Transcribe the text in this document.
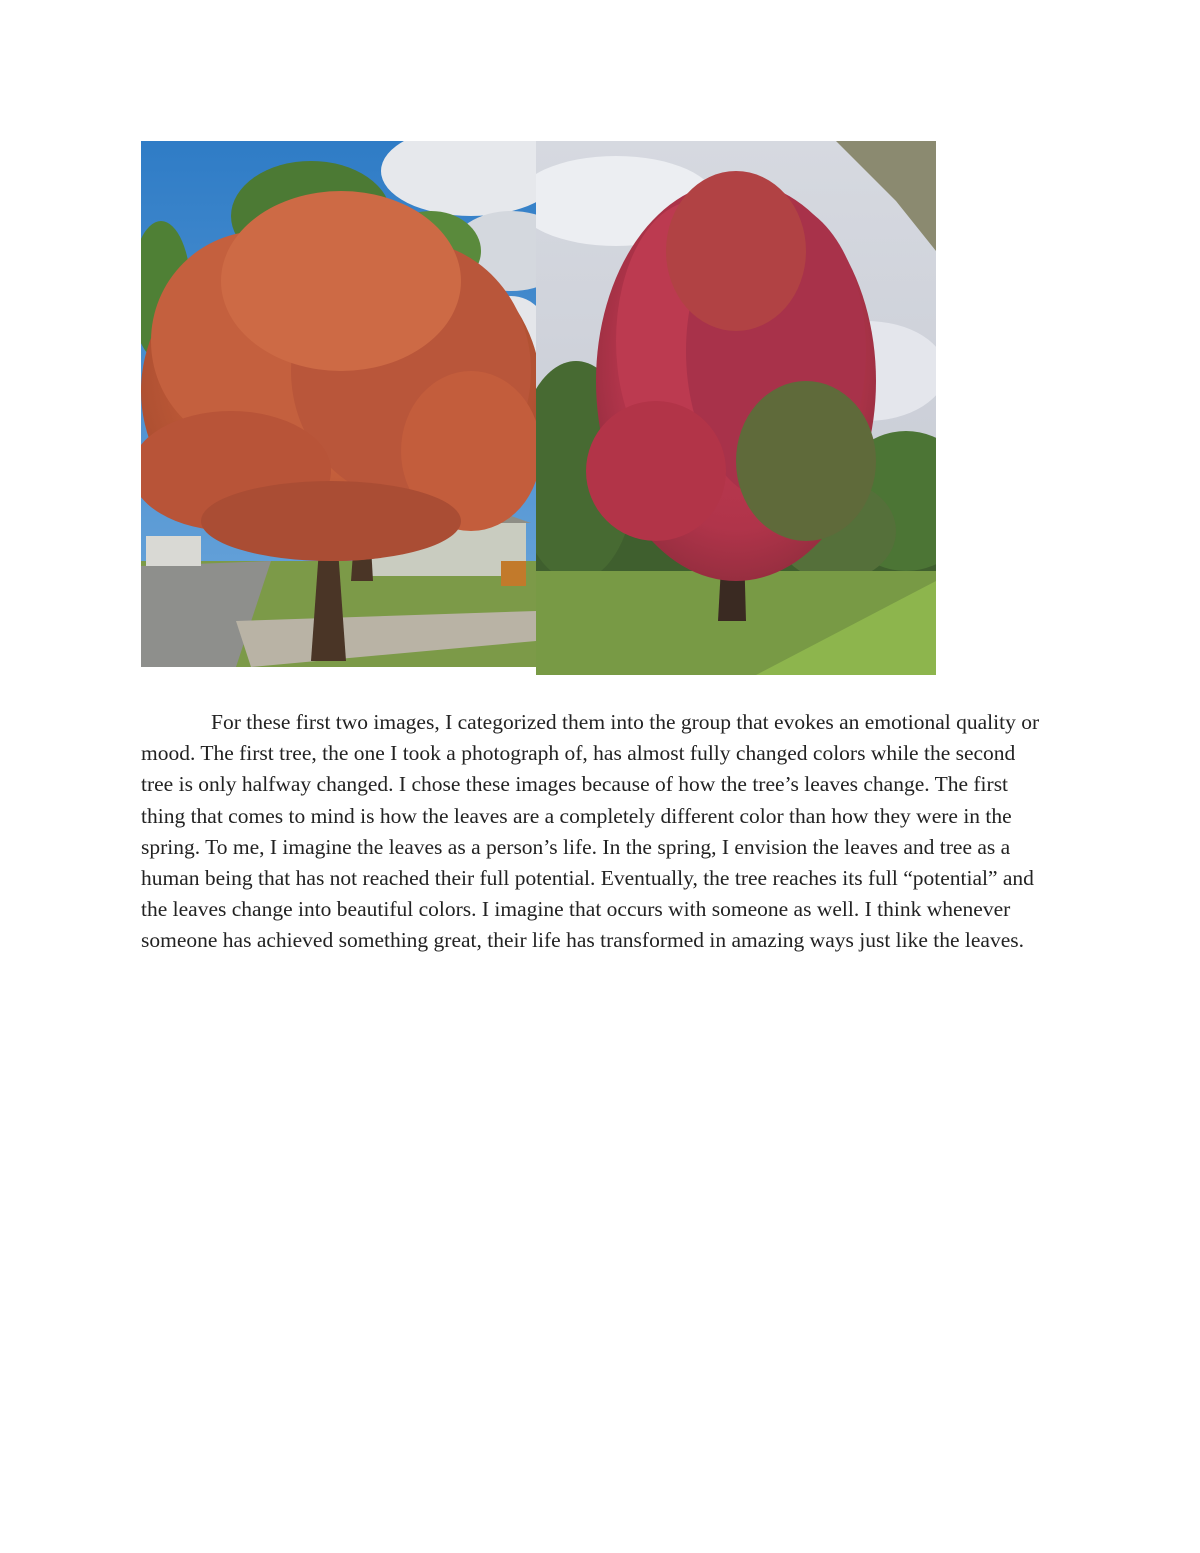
For these first two images, I categorized them into the group that evokes an emotional quality or mood. The first tree, the one I took a photograph of, has almost fully changed colors while the second tree is only halfway changed. I chose these images because of how the tree’s leaves change. The first thing that comes to mind is how the leaves are a completely different color than how they were in the spring. To me, I imagine the leaves as a person’s life. In the spring, I envision the leaves and tree as a human being that has not reached their full potential. Eventually, the tree reaches its full “potential” and the leaves change into beautiful colors. I imagine that occurs with someone as well. I think whenever someone has achieved something great, their life has transformed in amazing ways just like the leaves.
